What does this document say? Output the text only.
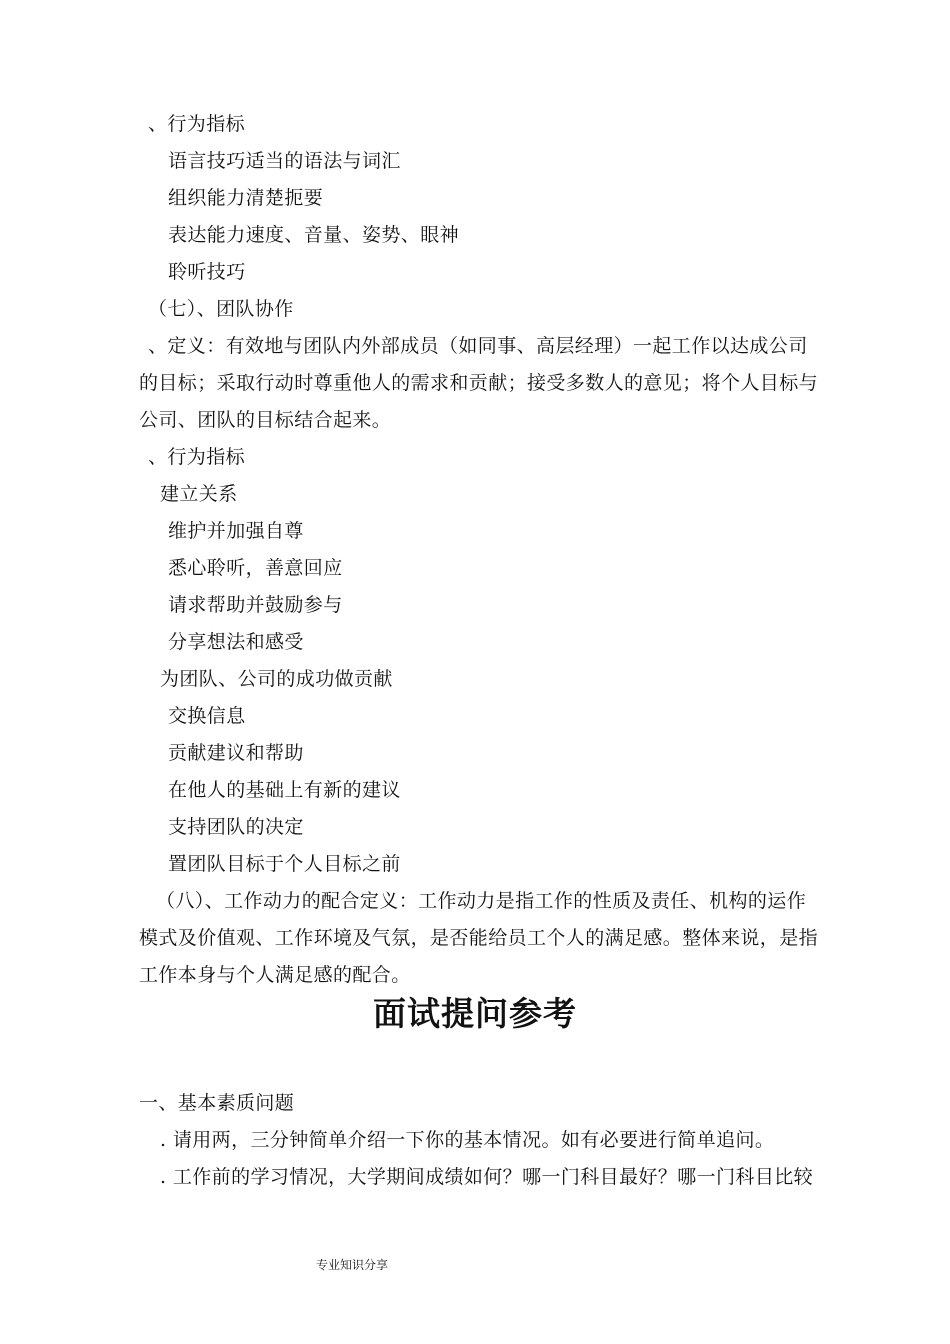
、行为指标
语言技巧适当的语法与词汇
组织能力清楚扼要
表达能力速度、音量、姿势、眼神
聆听技巧
（七）、团队协作
、定义：有效地与团队内外部成员（如同事、高层经理）一起工作以达成公司
的目标；采取行动时尊重他人的需求和贡献；接受多数人的意见；将个人目标与
公司、团队的目标结合起来。
、行为指标
建立关系
维护并加强自尊
悉心聆听，善意回应
请求帮助并鼓励参与
分享想法和感受
为团队、公司的成功做贡献
交换信息
贡献建议和帮助
在他人的基础上有新的建议
支持团队的决定
置团队目标于个人目标之前
（八）、工作动力的配合定义：工作动力是指工作的性质及责任、机构的运作
模式及价值观、工作环境及气氛，是否能给员工个人的满足感。整体来说，是指
工作本身与个人满足感的配合。
面试提问参考
一、基本素质问题
. 请用两，三分钟简单介绍一下你的基本情况。如有必要进行简单追问。
. 工作前的学习情况，大学期间成绩如何？哪一门科目最好？哪一门科目比较
专业知识分享
